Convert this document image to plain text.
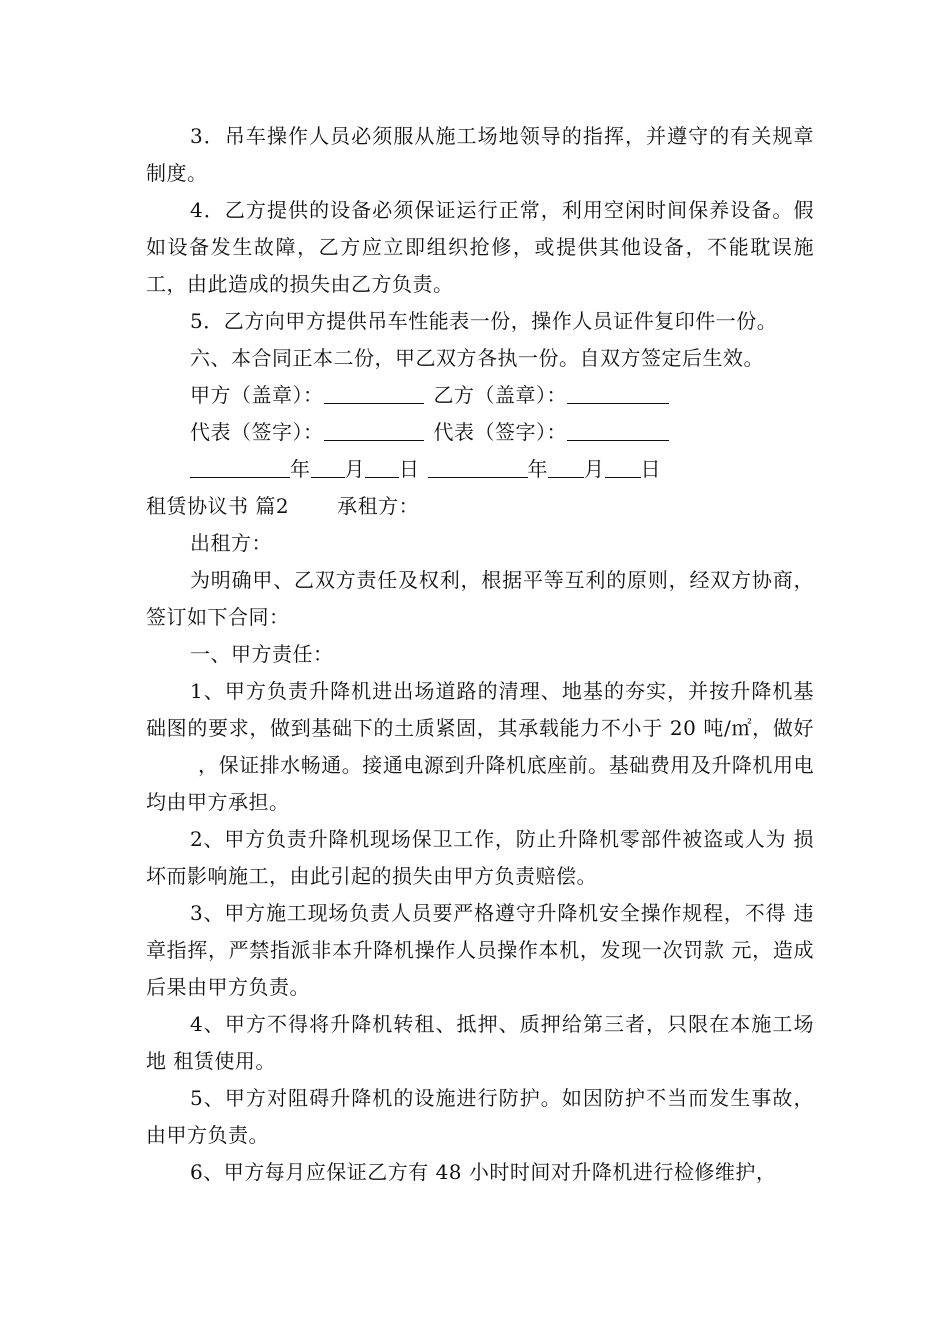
3．吊车操作人员必须服从施工场地领导的指挥，并遵守的有关规章制度。

4．乙方提供的设备必须保证运行正常，利用空闲时间保养设备。假如设备发生故障，乙方应立即组织抢修，或提供其他设备，不能耽误施工，由此造成的损失由乙方负责。

5．乙方向甲方提供吊车性能表一份，操作人员证件复印件一份。

六、本合同正本二份，甲乙双方各执一份。自双方签定后生效。

甲方（盖章）：	乙方（盖章）：
代表（签字）：	代表（签字）：
年 月 日	年 月 日

租赁协议书 篇2 承租方：

出租方：

为明确甲、乙双方责任及权利，根据平等互利的原则，经双方协商， 签订如下合同：

一、甲方责任：

1、甲方负责升降机进出场道路的清理、地基的夯实，并按升降机基础图的要求，做到基础下的土质紧固，其承载能力不小于 20 吨/㎡，做好，保证排水畅通。接通电源到升降机底座前。基础费用及升降机用电均由甲方承担。

2、甲方负责升降机现场保卫工作，防止升降机零部件被盗或人为 损坏而影响施工，由此引起的损失由甲方负责赔偿。

3、甲方施工现场负责人员要严格遵守升降机安全操作规程，不得 违章指挥，严禁指派非本升降机操作人员操作本机，发现一次罚款 元，造成后果由甲方负责。

4、甲方不得将升降机转租、抵押、质押给第三者，只限在本施工场地 租赁使用。

5、甲方对阻碍升降机的设施进行防护。如因防护不当而发生事故， 由甲方负责。

6、甲方每月应保证乙方有 48 小时时间对升降机进行检修维护，
